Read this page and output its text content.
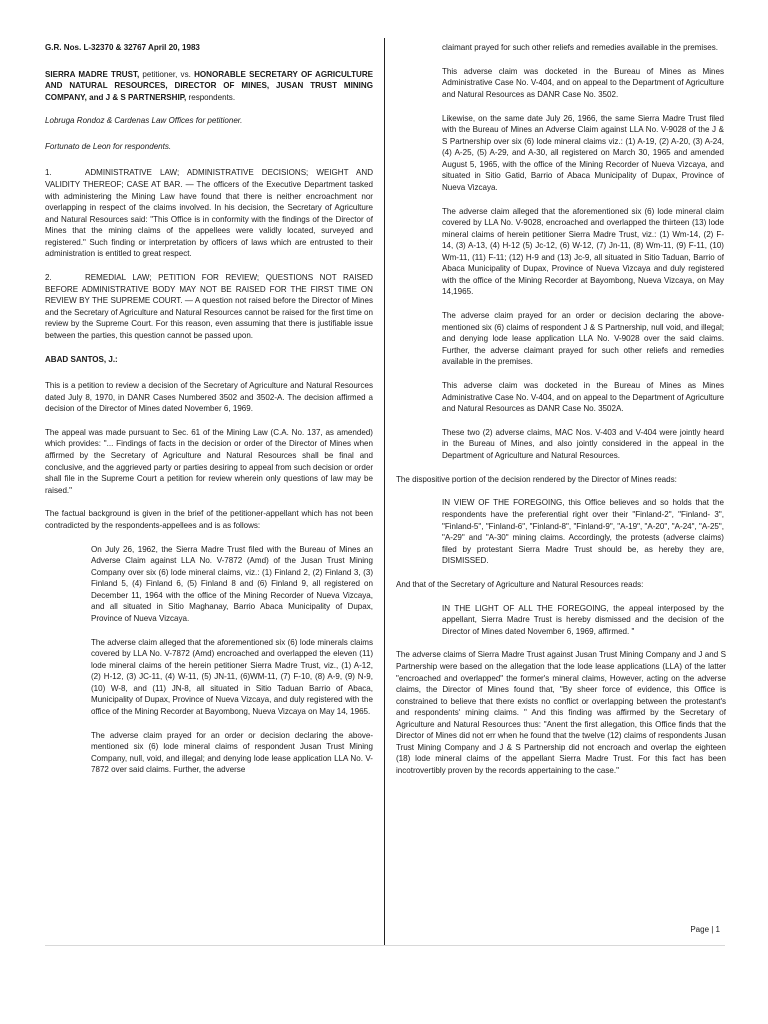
G.R. Nos. L-32370 & 32767 April 20, 1983

SIERRA MADRE TRUST, petitioner, vs. HONORABLE SECRETARY OF AGRICULTURE AND NATURAL RESOURCES, DIRECTOR OF MINES, JUSAN TRUST MINING COMPANY, and J & S PARTNERSHIP, respondents.

Lobruga Rondoz & Cardenas Law Offices for petitioner.

Fortunato de Leon for respondents.

1.	ADMINISTRATIVE LAW; ADMINISTRATIVE DECISIONS; WEIGHT AND VALIDITY THEREOF; CASE AT BAR. — The officers of the Executive Department tasked with administering the Mining Law have found that there is neither encroachment nor overlapping in respect of the claims involved. In his decision, the Secretary of Agriculture and Natural Resources said: "This Office is in conformity with the findings of the Director of Mines that the mining claims of the appellees were validly located, surveyed and registered." Such finding or interpretation by officers of laws which are entrusted to their administration is entitled to great respect.

2.	REMEDIAL LAW; PETITION FOR REVIEW; QUESTIONS NOT RAISED BEFORE ADMINISTRATIVE BODY MAY NOT BE RAISED FOR THE FIRST TIME ON REVIEW BY THE SUPREME COURT. — A question not raised before the Director of Mines and the Secretary of Agriculture and Natural Resources cannot be raised for the first time on review by the Supreme Court. For this reason, even assuming that there is justifiable issue between the parties, this question cannot be passed upon.

ABAD SANTOS, J.:

This is a petition to review a decision of the Secretary of Agriculture and Natural Resources dated July 8, 1970, in DANR Cases Numbered 3502 and 3502-A. The decision affirmed a decision of the Director of Mines dated November 6, 1969.

The appeal was made pursuant to Sec. 61 of the Mining Law (C.A. No. 137, as amended) which provides: "... Findings of facts in the decision or order of the Director of Mines when affirmed by the Secretary of Agriculture and Natural Resources shall be final and conclusive, and the aggrieved party or parties desiring to appeal from such decision or order shall file in the Supreme Court a petition for review wherein only questions of law may be raised."

The factual background is given in the brief of the petitioner-appellant which has not been contradicted by the respondents-appellees and is as follows:

On July 26, 1962, the Sierra Madre Trust filed with the Bureau of Mines an Adverse Claim against LLA No. V-7872 (Amd) of the Jusan Trust Mining Company over six (6) lode mineral claims, viz.: (1) Finland 2, (2) Finland 3, (3) Finland 5, (4) Finland 6, (5) Finland 8 and (6) Finland 9, all registered on December 11, 1964 with the office of the Mining Recorder of Nueva Vizcaya, and all situated in Sitio Maghanay, Barrio Abaca Municipality of Dupax, Province of Nueva Vizcaya.

The adverse claim alleged that the aforementioned six (6) lode minerals claims covered by LLA No. V-7872 (Amd) encroached and overlapped the eleven (11) lode mineral claims of the herein petitioner Sierra Madre Trust, viz., (1) A-12, (2) H-12, (3) JC-11, (4) W-11, (5) JN-11, (6)WM-11, (7) F-10, (8) A-9, (9) N-9, (10) W-8, and (11) JN-8, all situated in Sitio Taduan Barrio of Abaca, Municipality of Dupax, Province of Nueva Vizcaya, and duly registered with the office of the Mining Recorder at Bayombong, Nueva Vizcaya on May 14, 1965.

The adverse claim prayed for an order or decision declaring the above- mentioned six (6) lode mineral claims of respondent Jusan Trust Mining Company, null, void, and illegal; and denying lode lease application LLA No. V-7872 over said claims. Further, the adverse

claimant prayed for such other reliefs and remedies available in the premises.

This adverse claim was docketed in the Bureau of Mines as Mines Administrative Case No. V-404, and on appeal to the Department of Agriculture and Natural Resources as DANR Case No. 3502.

Likewise, on the same date July 26, 1966, the same Sierra Madre Trust filed with the Bureau of Mines an Adverse Claim against LLA No. V-9028 of the J & S Partnership over six (6) lode mineral claims viz.: (1) A-19, (2) A-20, (3) A-24, (4) A-25, (5) A-29, and A-30, all registered on March 30, 1965 and amended August 5, 1965, with the office of the Mining Recorder of Nueva Vizcaya, and situated in Sitio Gatid, Barrio of Abaca Municipality of Dupax, Province of Nueva Vizcaya.

The adverse claim alleged that the aforementioned six (6) lode mineral claim covered by LLA No. V-9028, encroached and overlapped the thirteen (13) lode mineral claims of herein petitioner Sierra Madre Trust, viz.: (1) Wm-14, (2) F-14, (3) A-13, (4) H-12 (5) Jc-12, (6) W-12, (7) Jn-11, (8) Wm-11, (9) F-11, (10) Wm-11, (11) F-11; (12) H-9 and (13) Jc-9, all situated in Sitio Taduan, Barrio of Abaca Municipality of Dupax, Province of Nueva Vizcaya and duly registered with the office of the Mining Recorder at Bayombong, Nueva Vizcaya, on May 14,1965.

The adverse claim prayed for an order or decision declaring the above- mentioned six (6) claims of respondent J & S Partnership, null void, and illegal; and denying lode lease application LLA No. V-9028 over the said claims. Further, the adverse claimant prayed for such other reliefs and remedies available in the premises.

This adverse claim was docketed in the Bureau of Mines as Mines Administrative Case No. V-404, and on appeal to the Department of Agriculture and Natural Resources as DANR Case No. 3502A.

These two (2) adverse claims, MAC Nos. V-403 and V-404 were jointly heard in the Bureau of Mines, and also jointly considered in the appeal in the Department of Agriculture and Natural Resources.

The dispositive portion of the decision rendered by the Director of Mines reads:

IN VIEW OF THE FOREGOING, this Office believes and so holds that the respondents have the preferential right over their "Finland-2", "Finland- 3", "Finland-5", "Finland-6", "Finland-8", "Finland-9", "A-19", "A-20", "A-24", "A-25", "A-29" and "A-30" mining claims. Accordingly, the protests (adverse claims) filed by protestant Sierra Madre Trust should be, as hereby they are, DISMISSED.

And that of the Secretary of Agriculture and Natural Resources reads:

IN THE LIGHT OF ALL THE FOREGOING, the appeal interposed by the appellant, Sierra Madre Trust is hereby dismissed and the decision of the Director of Mines dated November 6, 1969, affirmed. "

The adverse claims of Sierra Madre Trust against Jusan Trust Mining Company and J and S Partnership were based on the allegation that the lode lease applications (LLA) of the latter "encroached and overlapped" the former's mineral claims, However, acting on the adverse claims, the Director of Mines found that, "By sheer force of evidence, this Office is constrained to believe that there exists no conflict or overlapping between the protestant's and respondents' mining claims. " And this finding was affirmed by the Secretary of Agriculture and Natural Resources thus: "Anent the first allegation, this Office finds that the Director of Mines did not err when he found that the twelve (12) claims of respondents Jusan Trust Mining Company and J & S Partnership did not encroach and overlap the eighteen (18) lode mineral claims of the appellant Sierra Madre Trust. For this fact has been incotrovertibly proven by the records appertaining to the case."

Page | 1
